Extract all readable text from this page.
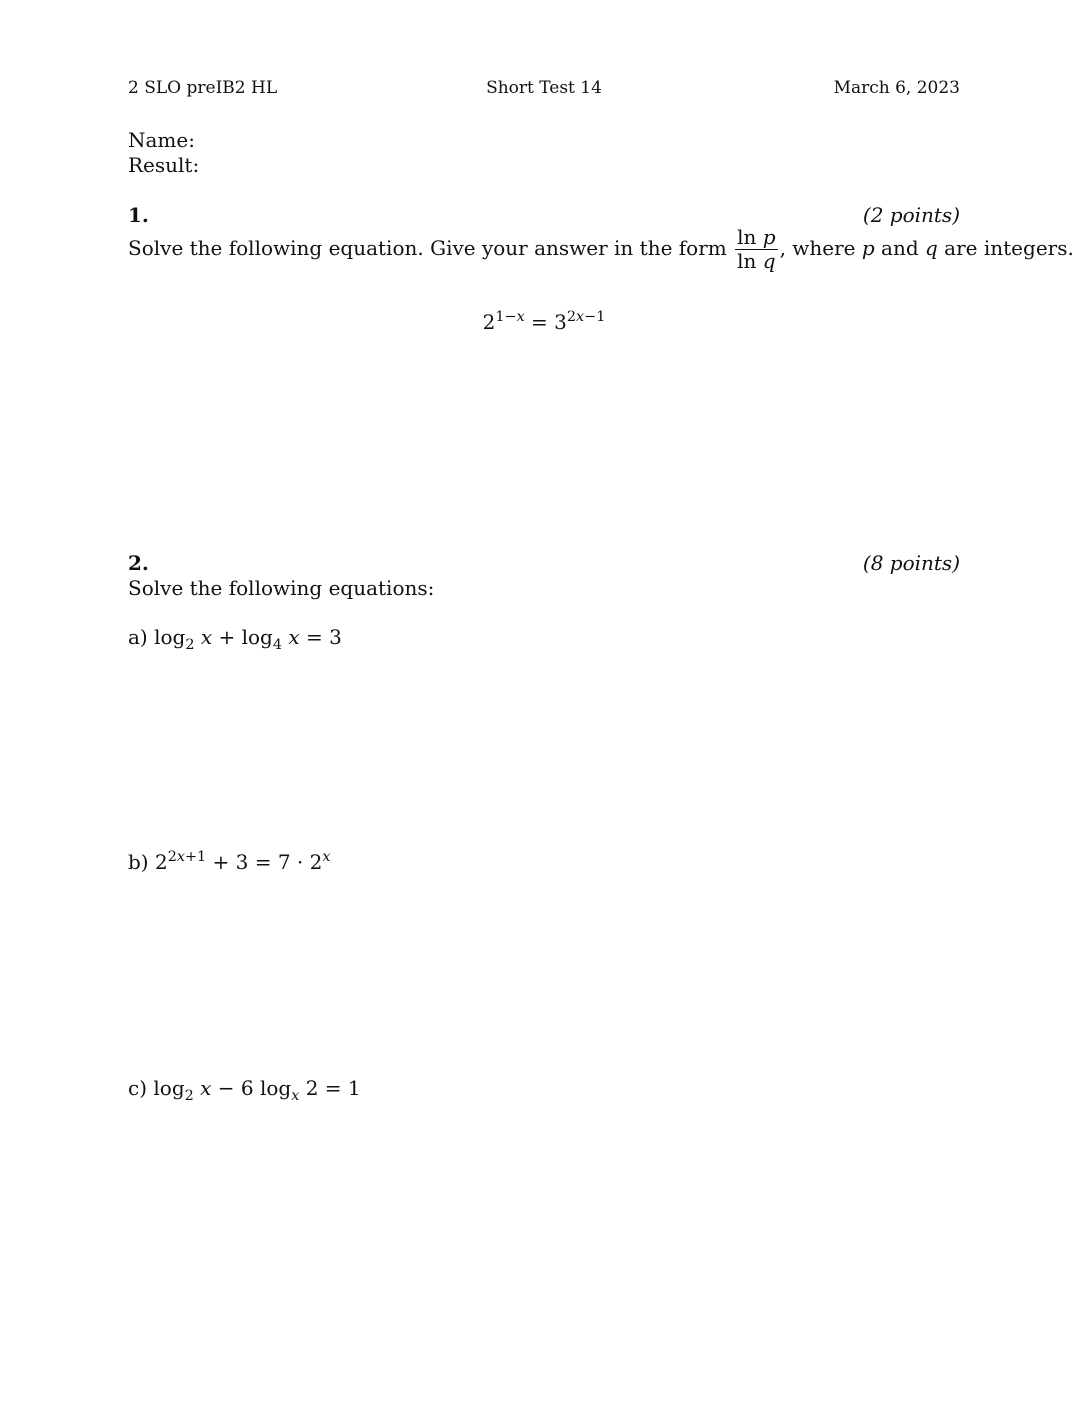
2 SLO preIB2 HL	Short Test 14	March 6, 2023
Name:
Result:
1.	(2 points)
Solve the following equation. Give your answer in the form $\frac{\text{ln p}}{\text{ln q}}$ , where p and q are integers.
$2^{1-x} = 3^{2x-1}$
2.	(8 points)
Solve the following equations:
a) $\log_2 x + \log_4 x = 3$
b) $2^{2x+1} + 3 = 7 \cdot 2^x$
c) $\log_2 x - 6$ $\log_x 2 = 1$
